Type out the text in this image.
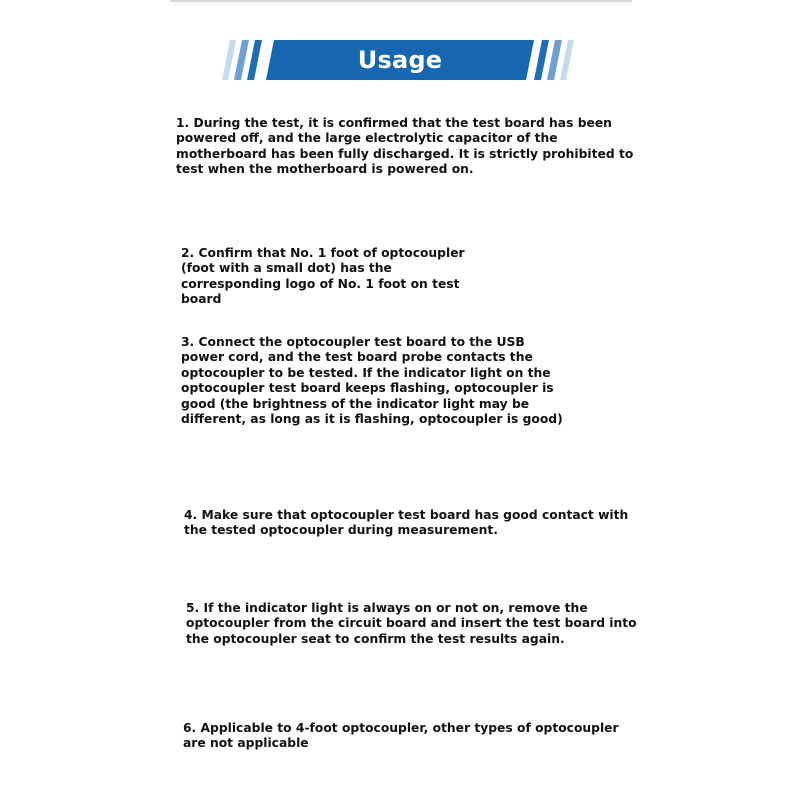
Usage

1. During the test, it is confirmed that the test board has been powered off, and the large electrolytic capacitor of the motherboard has been fully discharged. It is strictly prohibited to test when the motherboard is powered on.

2. Confirm that No. 1 foot of optocoupler (foot with a small dot) has the corresponding logo of No. 1 foot on test board

3. Connect the optocoupler test board to the USB power cord, and the test board probe contacts the optocoupler to be tested. If the indicator light on the optocoupler test board keeps flashing, optocoupler is good (the brightness of the indicator light may be different, as long as it is flashing, optocoupler is good)

4. Make sure that optocoupler test board has good contact with the tested optocoupler during measurement.

5. If the indicator light is always on or not on, remove the optocoupler from the circuit board and insert the test board into the optocoupler seat to confirm the test results again.

6. Applicable to 4-foot optocoupler, other types of optocoupler are not applicable
